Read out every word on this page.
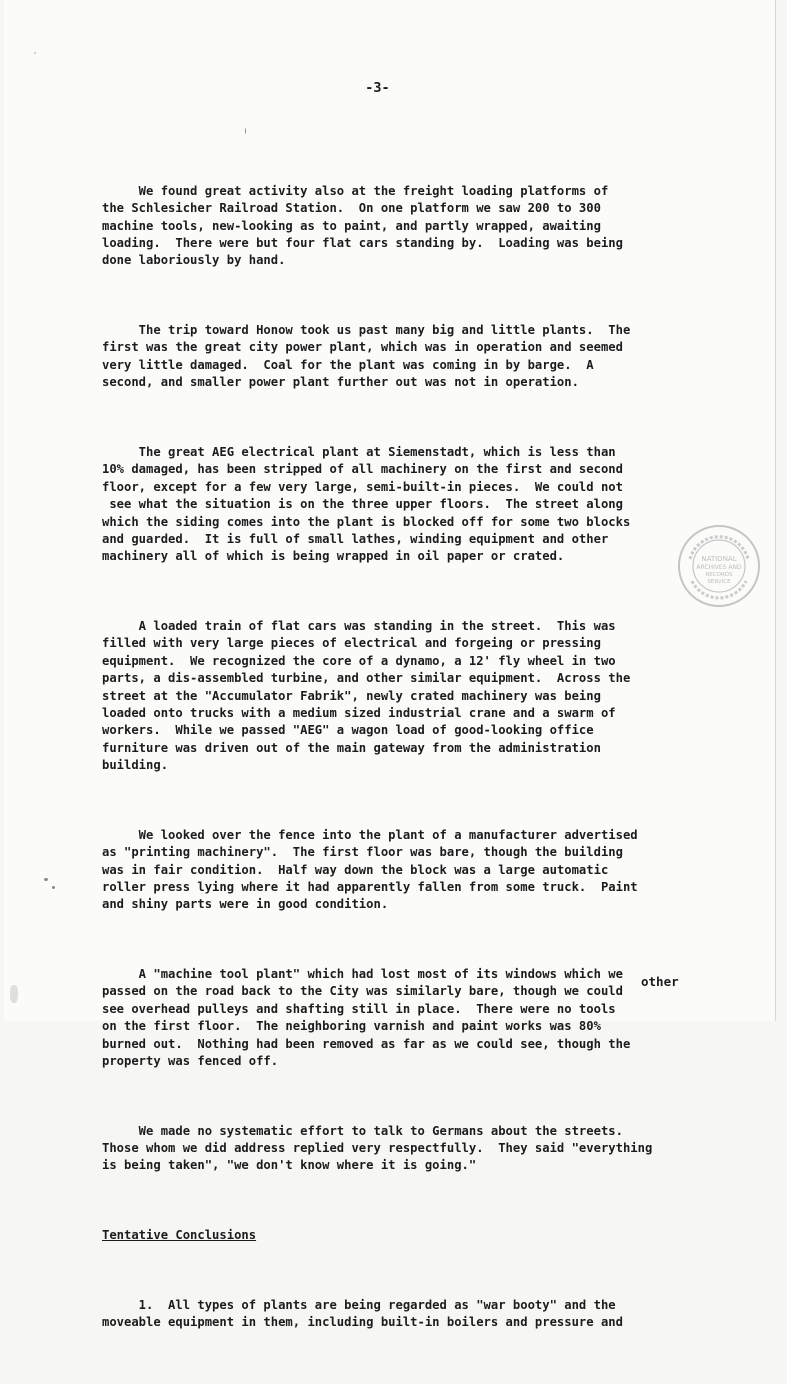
-3-

We found great activity also at the freight loading platforms of
the Schlesicher Railroad Station.  On one platform we saw 200 to 300
machine tools, new-looking as to paint, and partly wrapped, awaiting
loading.  There were but four flat cars standing by.  Loading was being
done laboriously by hand.

The trip toward Honow took us past many big and little plants.  The
first was the great city power plant, which was in operation and seemed
very little damaged.  Coal for the plant was coming in by barge.  A
second, and smaller power plant further out was not in operation.

The great AEG electrical plant at Siemenstadt, which is less than
10% damaged, has been stripped of all machinery on the first and second
floor, except for a few very large, semi-built-in pieces.  We could not
see what the situation is on the three upper floors.  The street along
which the siding comes into the plant is blocked off for some two blocks
and guarded.  It is full of small lathes, winding equipment and other
machinery all of which is being wrapped in oil paper or crated.

A loaded train of flat cars was standing in the street.  This was
filled with very large pieces of electrical and forgeing or pressing
equipment.  We recognized the core of a dynamo, a 12' fly wheel in two
parts, a dis-assembled turbine, and other similar equipment.  Across the
street at the "Accumulator Fabrik", newly crated machinery was being
loaded onto trucks with a medium sized industrial crane and a swarm of
workers.  While we passed "AEG" a wagon load of good-looking office
furniture was driven out of the main gateway from the administration
building.

We looked over the fence into the plant of a manufacturer advertised
as "printing machinery".  The first floor was bare, though the building
was in fair condition.  Half way down the block was a large automatic
roller press lying where it had apparently fallen from some truck.  Paint
and shiny parts were in good condition.

A "machine tool plant" which had lost most of its windows which we
passed on the road back to the City was similarly bare, though we could
see overhead pulleys and shafting still in place.  There were no tools
on the first floor.  The neighboring varnish and paint works was 80%
burned out.  Nothing had been removed as far as we could see, though the
property was fenced off.

We made no systematic effort to talk to Germans about the streets.
Those whom we did address replied very respectfully.  They said "everything
is being taken", "we don't know where it is going."

Tentative Conclusions

1.  All types of plants are being regarded as "war booty" and the
moveable equipment in them, including built-in boilers and pressure and

other
NATIONAL
ARCHIVES AND
RECORDS
SERVICE
